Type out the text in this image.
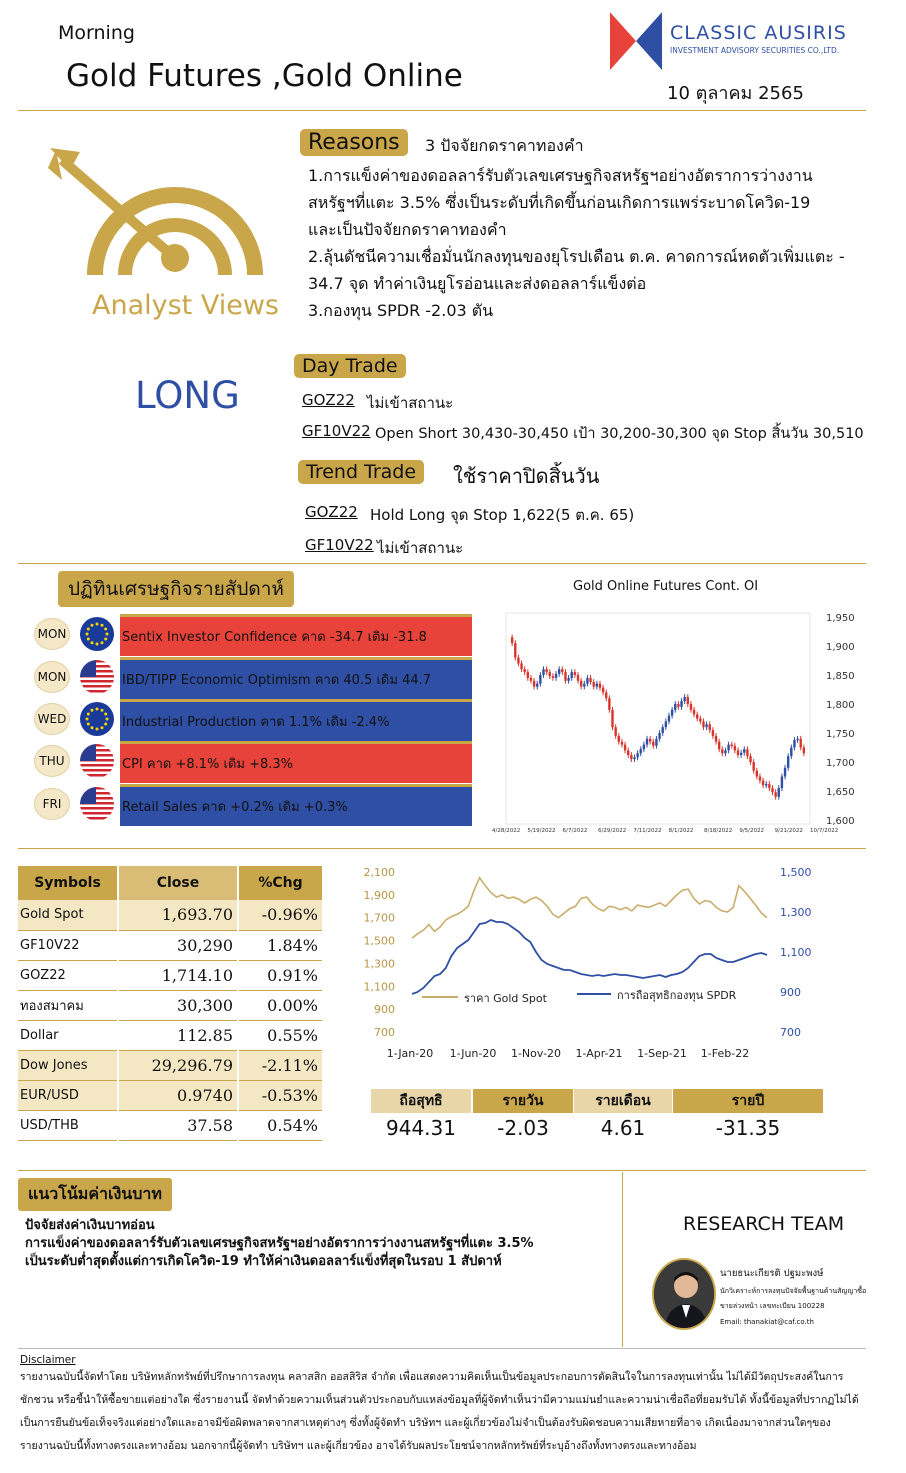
Morning
Gold Futures ,Gold Online
CLASSIC AUSIRIS
INVESTMENT ADVISORY SECURITIES CO.,LTD.
10 ตุลาคม 2565
Analyst Views
LONG
Reasons	3 ปัจจัยกดราคาทองคำ
1.การแข็งค่าของดอลลาร์รับตัวเลขเศรษฐกิจสหรัฐฯอย่างอัตราการว่างงาน
สหรัฐฯที่แตะ 3.5% ซึ่งเป็นระดับที่เกิดขึ้นก่อนเกิดการแพร่ระบาดโควิด-19
และเป็นปัจจัยกดราคาทองคำ
2.ลุ้นดัชนีความเชื่อมั่นนักลงทุนของยุโรปเดือน ต.ค. คาดการณ์หดตัวเพิ่มแตะ -
34.7 จุด ทำค่าเงินยูโรอ่อนและส่งดอลลาร์แข็งต่อ
3.กองทุน SPDR -2.03 ตัน
Day Trade
GOZ22 ไม่เข้าสถานะ
GF10V22 Open Short 30,430-30,450 เป้า 30,200-30,300 จุด Stop สิ้นวัน 30,510
Trend Trade	ใช้ราคาปิดสิ้นวัน
GOZ22 Hold Long จุด Stop 1,622(5 ต.ค. 65)
GF10V22 ไม่เข้าสถานะ
ปฏิทินเศรษฐกิจรายสัปดาห์
MON	Sentix Investor Confidence คาด -34.7 เดิม -31.8
MON	IBD/TIPP Economic Optimism คาด 40.5 เดิม 44.7
WED	Industrial Production คาด 1.1% เดิม -2.4%
THU	CPI คาด +8.1% เดิม +8.3%
FRI	Retail Sales คาด +0.2% เดิม +0.3%
Gold Online Futures Cont. OI
1,950
1,900
1,850
1,800
1,750
1,700
1,650
1,600
4/28/2022 5/19/2022 6/7/2022 6/29/2022 7/11/2022 8/1/2022 8/18/2022 9/5/2022 9/21/2022 10/7/2022
Symbols	Close	%Chg
Gold Spot	1,693.70	-0.96%
GF10V22	30,290	1.84%
GOZ22	1,714.10	0.91%
ทองสมาคม	30,300	0.00%
Dollar	112.85	0.55%
Dow Jones	29,296.79	-2.11%
EUR/USD	0.9740	-0.53%
USD/THB	37.58	0.54%
2,100
1,900
1,700
1,500
1,300
1,100
900
700
1,500
1,300
1,100
900
700
1-Jan-20 1-Jun-20 1-Nov-20 1-Apr-21 1-Sep-21 1-Feb-22
ราคา Gold Spot	การถือสุทธิกองทุน SPDR
ถือสุทธิ
944.31
รายวัน
-2.03
รายเดือน
4.61
รายปี
-31.35
แนวโน้มค่าเงินบาท
ปัจจัยส่งค่าเงินบาทอ่อน
การแข็งค่าของดอลลาร์รับตัวเลขเศรษฐกิจสหรัฐฯอย่างอัตราการว่างงานสหรัฐฯที่แตะ 3.5%
เป็นระดับต่ำสุดตั้งแต่การเกิดโควิด-19 ทำให้ค่าเงินดอลลาร์แข็งที่สุดในรอบ 1 สัปดาห์
RESEARCH TEAM
นายธนะเกียรติ ปฐมะพงษ์
นักวิเคราะห์การลงทุนปัจจัยพื้นฐานด้านสัญญาซื้อ
ขายล่วงหน้า เลขทะเบียน 100228
Email: thanakiat@caf.co.th
Disclaimer
รายงานฉบับนี้จัดทำโดย บริษัทหลักทรัพย์ที่ปรึกษาการลงทุน คลาสสิก ออสสิริส จำกัด เพื่อแสดงความคิดเห็นเป็นข้อมูลประกอบการตัดสินใจในการลงทุนเท่านั้น ไม่ได้มีวัตถุประสงค์ในการ
ชักชวน หรือชี้นำให้ซื้อขายแต่อย่างใด ซึ่งรายงานนี้ จัดทำด้วยความเห็นส่วนตัวประกอบกับแหล่งข้อมูลที่ผู้จัดทำเห็นว่ามีความแม่นยำและความน่าเชื่อถือที่ยอมรับได้ ทั้งนี้ข้อมูลที่ปรากฏไม่ได้
เป็นการยืนยันข้อเท็จจริงแต่อย่างใดและอาจมีข้อผิดพลาดจากสาเหตุต่างๆ ซึ่งทั้งผู้จัดทำ บริษัทฯ และผู้เกี่ยวข้องไม่จำเป็นต้องรับผิดชอบความเสียหายที่อาจ เกิดเนื่องมาจากส่วนใดๆของ
รายงานฉบับนี้ทั้งทางตรงและทางอ้อม นอกจากนี้ผู้จัดทำ บริษัทฯ และผู้เกี่ยวข้อง อาจได้รับผลประโยชน์จากหลักทรัพย์ที่ระบุอ้างถึงทั้งทางตรงและทางอ้อม
